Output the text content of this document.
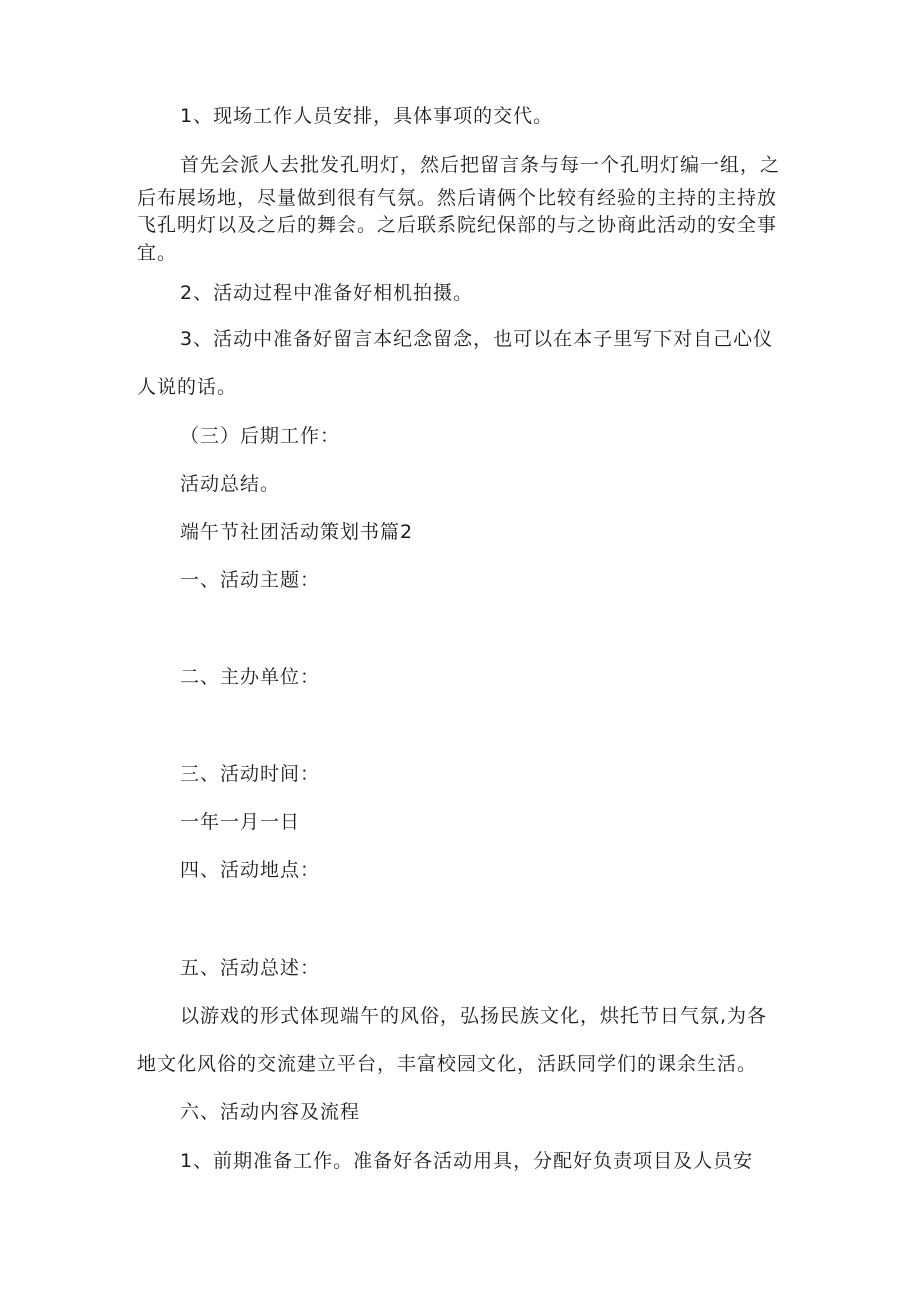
1、现场工作人员安排，具体事项的交代。
首先会派人去批发孔明灯，然后把留言条与每一个孔明灯编一组，之
后布展场地，尽量做到很有气氛。然后请俩个比较有经验的主持的主持放
飞孔明灯以及之后的舞会。之后联系院纪保部的与之协商此活动的安全事
宜。
2、活动过程中准备好相机拍摄。
3、活动中准备好留言本纪念留念，也可以在本子里写下对自己心仪
人说的话。
（三）后期工作：
活动总结。
端午节社团活动策划书篇2
一、活动主题：
二、主办单位：
三、活动时间：
一年一月一日
四、活动地点：
五、活动总述：
以游戏的形式体现端午的风俗，弘扬民族文化，烘托节日气氛,为各
地文化风俗的交流建立平台，丰富校园文化，活跃同学们的课余生活。
六、活动内容及流程
1、前期准备工作。准备好各活动用具，分配好负责项目及人员安
